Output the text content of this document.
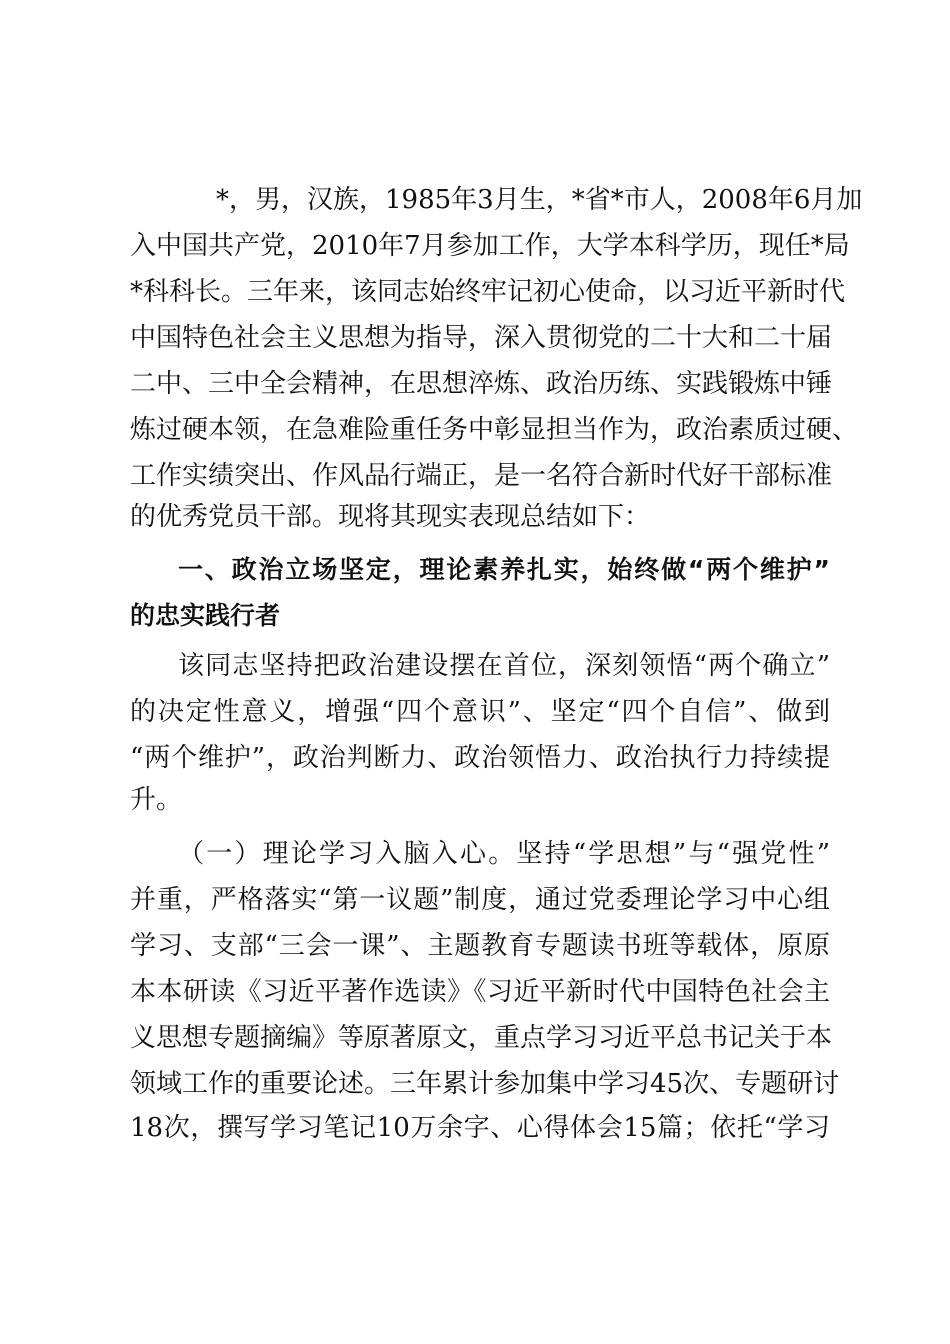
　*，男，汉族，1985年3月生，*省*市人，2008年6月加
入中国共产党，2010年7月参加工作，大学本科学历，现任*局
*科科长。三年来，该同志始终牢记初心使命，以习近平新时代
中国特色社会主义思想为指导，深入贯彻党的二十大和二十届
二中、三中全会精神，在思想淬炼、政治历练、实践锻炼中锤
炼过硬本领，在急难险重任务中彰显担当作为，政治素质过硬、
工作实绩突出、作风品行端正，是一名符合新时代好干部标准
的优秀党员干部。现将其现实表现总结如下：
一、政治立场坚定，理论素养扎实，始终做“两个维护”
的忠实践行者
该同志坚持把政治建设摆在首位，深刻领悟“两个确立”
的决定性意义，增强“四个意识”、坚定“四个自信”、做到
“两个维护”，政治判断力、政治领悟力、政治执行力持续提
升。
（一）理论学习入脑入心。坚持“学思想”与“强党性”
并重，严格落实“第一议题”制度，通过党委理论学习中心组
学习、支部“三会一课”、主题教育专题读书班等载体，原原
本本研读《习近平著作选读》《习近平新时代中国特色社会主
义思想专题摘编》等原著原文，重点学习习近平总书记关于本
领域工作的重要论述。三年累计参加集中学习45次、专题研讨
18次，撰写学习笔记10万余字、心得体会15篇；依托“学习
